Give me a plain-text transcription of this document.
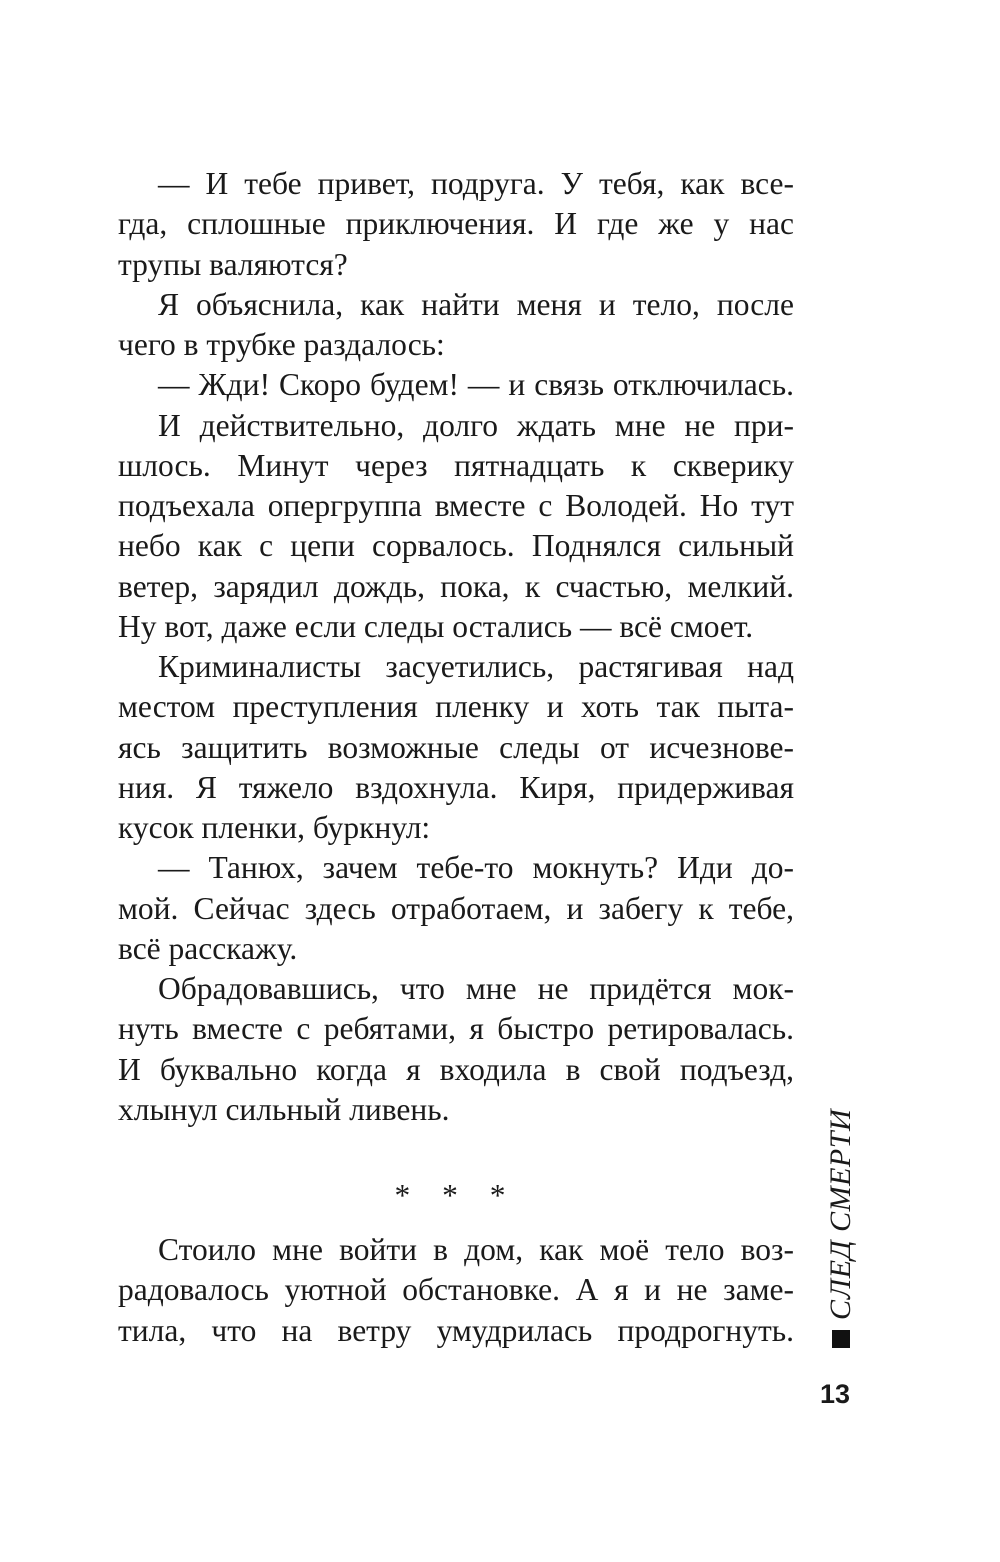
— И тебе привет, подруга. У тебя, как все-
гда, сплошные приключения. И где же у нас
трупы валяются?
Я объяснила, как найти меня и тело, после
чего в трубке раздалось:
— Жди! Скоро будем! — и связь отключилась.
И действительно, долго ждать мне не при-
шлось. Минут через пятнадцать к скверику
подъехала опергруппа вместе с Володей. Но тут
небо как с цепи сорвалось. Поднялся сильный
ветер, зарядил дождь, пока, к счастью, мелкий.
Ну вот, даже если следы остались — всё смоет.
Криминалисты засуетились, растягивая над
местом преступления пленку и хоть так пыта-
ясь защитить возможные следы от исчезнове-
ния. Я тяжело вздохнула. Киря, придерживая
кусок пленки, буркнул:
— Танюх, зачем тебе-то мокнуть? Иди до-
мой. Сейчас здесь отработаем, и забегу к тебе,
всё расскажу.
Обрадовавшись, что мне не придётся мок-
нуть вместе с ребятами, я быстро ретировалась.
И буквально когда я входила в свой подъезд,
хлынул сильный ливень.
* * *
Стоило мне войти в дом, как моё тело воз-
радовалось уютной обстановке. А я и не заме-
тила, что на ветру умудрилась продрогнуть.
СЛЕД СМЕРТИ
13
